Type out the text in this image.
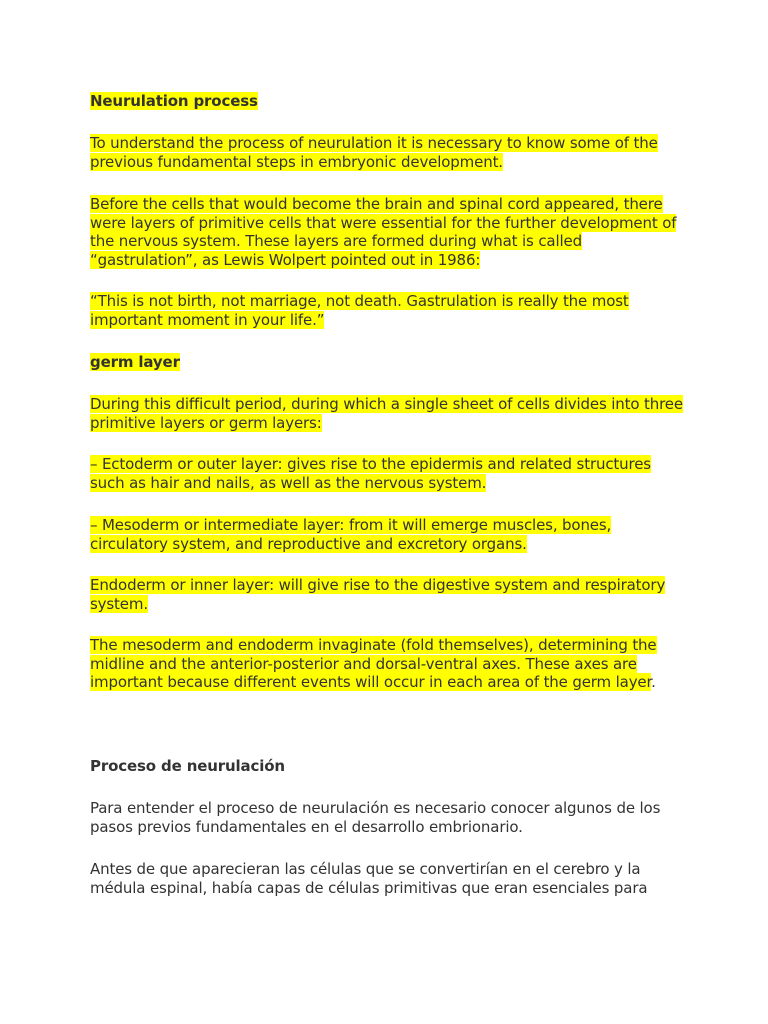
Neurulation process

To understand the process of neurulation it is necessary to know some of the previous fundamental steps in embryonic development.

Before the cells that would become the brain and spinal cord appeared, there were layers of primitive cells that were essential for the further development of the nervous system. These layers are formed during what is called “gastrulation”, as Lewis Wolpert pointed out in 1986:

“This is not birth, not marriage, not death. Gastrulation is really the most important moment in your life.”

germ layer

During this difficult period, during which a single sheet of cells divides into three primitive layers or germ layers:

– Ectoderm or outer layer: gives rise to the epidermis and related structures such as hair and nails, as well as the nervous system.

– Mesoderm or intermediate layer: from it will emerge muscles, bones, circulatory system, and reproductive and excretory organs.

Endoderm or inner layer: will give rise to the digestive system and respiratory system.

The mesoderm and endoderm invaginate (fold themselves), determining the midline and the anterior-posterior and dorsal-ventral axes. These axes are important because different events will occur in each area of the germ layer.

Proceso de neurulación

Para entender el proceso de neurulación es necesario conocer algunos de los pasos previos fundamentales en el desarrollo embrionario.

Antes de que aparecieran las células que se convertirían en el cerebro y la médula espinal, había capas de células primitivas que eran esenciales para
